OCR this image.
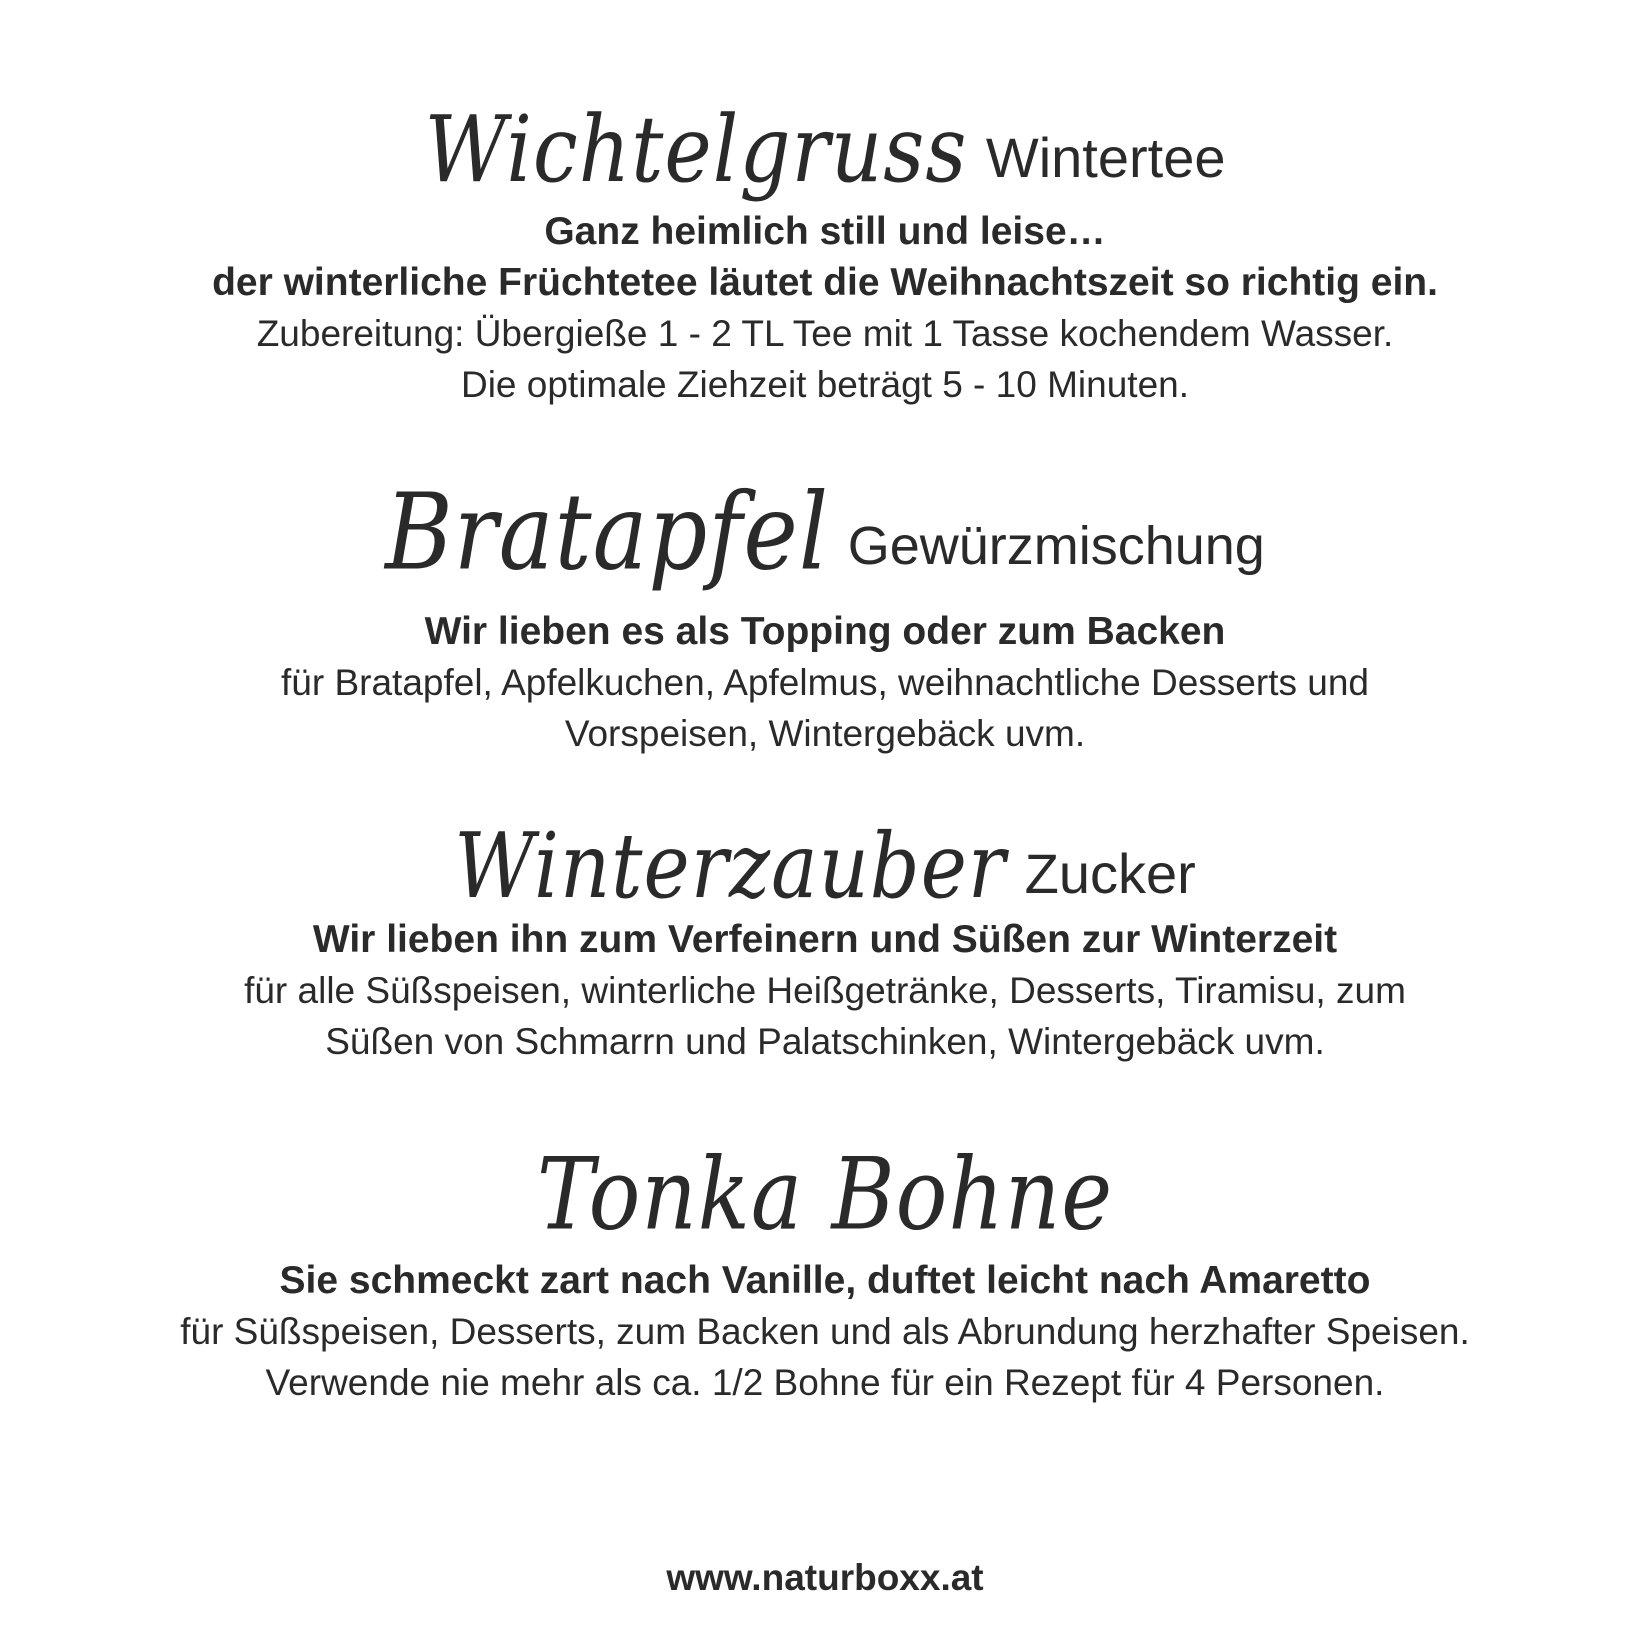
Wichtelgruss Wintertee
Ganz heimlich still und leise…
der winterliche Früchtetee läutet die Weihnachtszeit so richtig ein.
Zubereitung: Übergieße 1 - 2 TL Tee mit 1 Tasse kochendem Wasser.
Die optimale Ziehzeit beträgt 5 - 10 Minuten.
Bratapfel Gewürzmischung
Wir lieben es als Topping oder zum Backen
für Bratapfel, Apfelkuchen, Apfelmus, weihnachtliche Desserts und
Vorspeisen, Wintergebäck uvm.
Winterzauber Zucker
Wir lieben ihn zum Verfeinern und Süßen zur Winterzeit
für alle Süßspeisen, winterliche Heißgetränke, Desserts, Tiramisu, zum
Süßen von Schmarrn und Palatschinken, Wintergebäck uvm.
Tonka Bohne
Sie schmeckt zart nach Vanille, duftet leicht nach Amaretto
für Süßspeisen, Desserts, zum Backen und als Abrundung herzhafter Speisen.
Verwende nie mehr als ca. 1/2 Bohne für ein Rezept für 4 Personen.
www.naturboxx.at
